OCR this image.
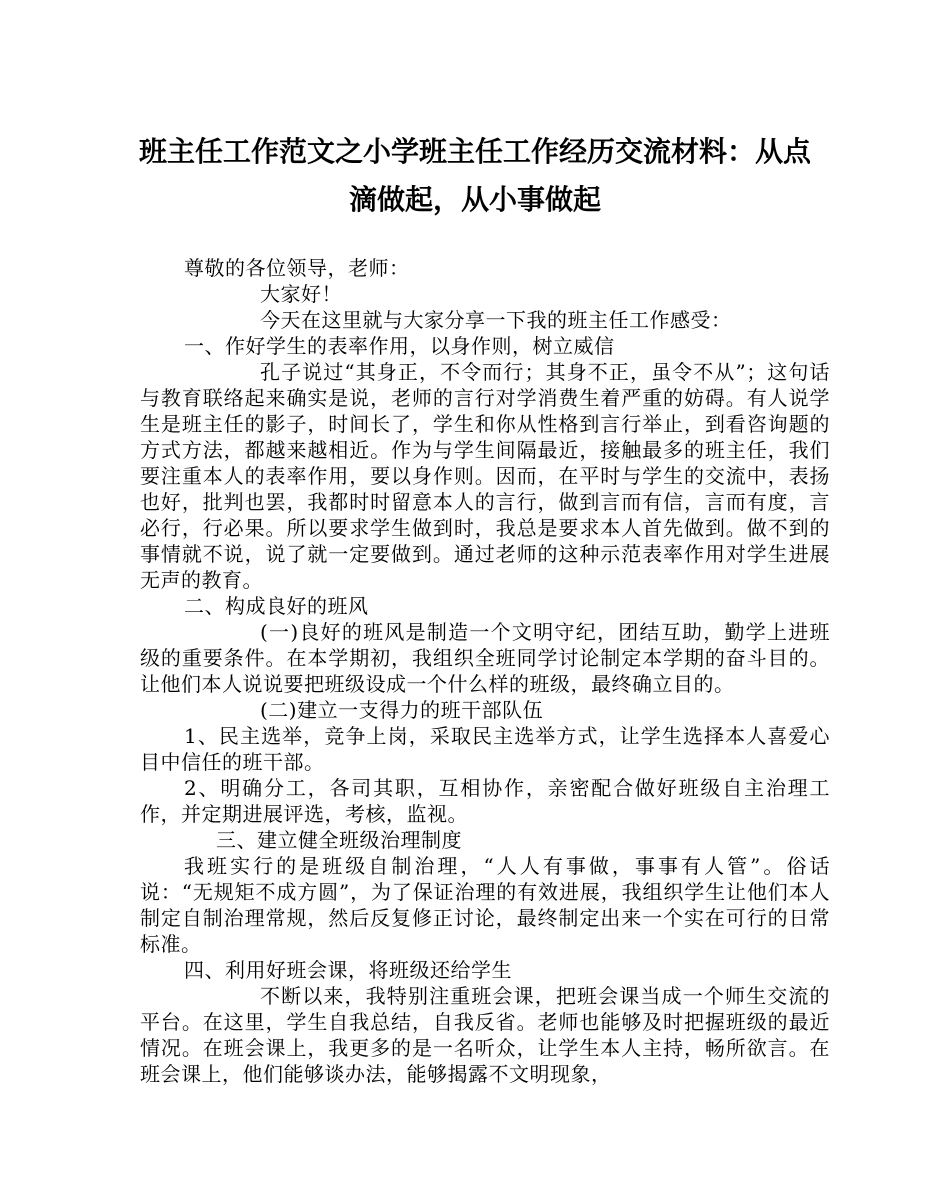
班主任工作范文之小学班主任工作经历交流材料：从点
滴做起，从小事做起

尊敬的各位领导，老师：

大家好！

今天在这里就与大家分享一下我的班主任工作感受：

一、作好学生的表率作用，以身作则，树立威信

孔子说过“其身正，不令而行；其身不正，虽令不从”；这句话与教育联络起来确实是说，老师的言行对学消费生着严重的妨碍。有人说学生是班主任的影子，时间长了，学生和你从性格到言行举止，到看咨询题的方式方法，都越来越相近。作为与学生间隔最近，接触最多的班主任，我们要注重本人的表率作用，要以身作则。因而，在平时与学生的交流中，表扬也好，批判也罢，我都时时留意本人的言行，做到言而有信，言而有度，言必行，行必果。所以要求学生做到时，我总是要求本人首先做到。做不到的事情就不说，说了就一定要做到。通过老师的这种示范表率作用对学生进展无声的教育。

二、构成良好的班风

(一)良好的班风是制造一个文明守纪，团结互助，勤学上进班级的重要条件。在本学期初，我组织全班同学讨论制定本学期的奋斗目的。让他们本人说说要把班级设成一个什么样的班级，最终确立目的。

(二)建立一支得力的班干部队伍

1、民主选举，竞争上岗，采取民主选举方式，让学生选择本人喜爱心目中信任的班干部。

2、明确分工，各司其职，互相协作，亲密配合做好班级自主治理工作，并定期进展评选，考核，监视。

三、建立健全班级治理制度

我班实行的是班级自制治理，“人人有事做，事事有人管”。俗话说：“无规矩不成方圆”，为了保证治理的有效进展，我组织学生让他们本人制定自制治理常规，然后反复修正讨论，最终制定出来一个实在可行的日常标准。

四、利用好班会课，将班级还给学生

不断以来，我特别注重班会课，把班会课当成一个师生交流的平台。在这里，学生自我总结，自我反省。老师也能够及时把握班级的最近情况。在班会课上，我更多的是一名听众，让学生本人主持，畅所欲言。在班会课上，他们能够谈办法，能够揭露不文明现象，
